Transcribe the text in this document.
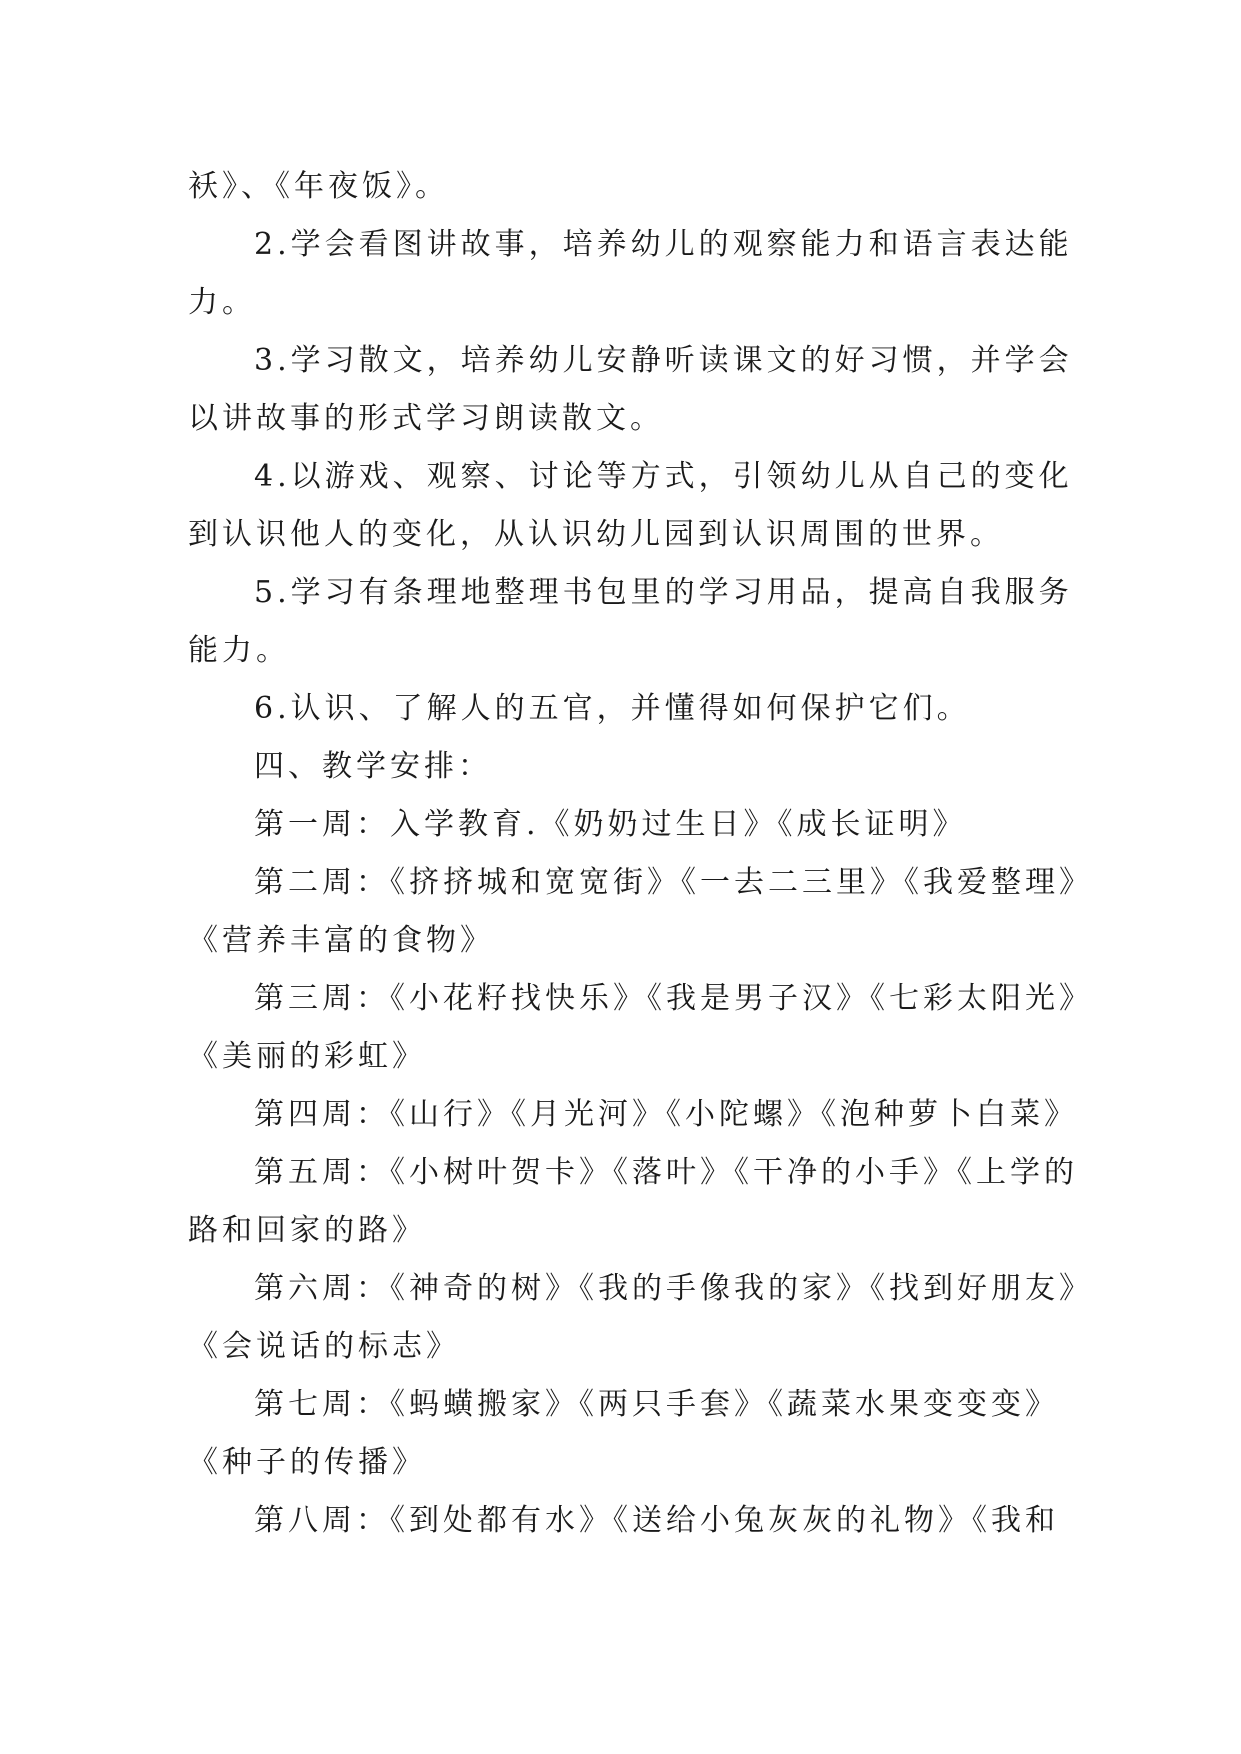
袄》、《年夜饭》。
2.学会看图讲故事，培养幼儿的观察能力和语言表达能
力。
3.学习散文，培养幼儿安静听读课文的好习惯，并学会
以讲故事的形式学习朗读散文。
4.以游戏、观察、讨论等方式，引领幼儿从自己的变化
到认识他人的变化，从认识幼儿园到认识周围的世界。
5.学习有条理地整理书包里的学习用品，提高自我服务
能力。
6.认识、了解人的五官，并懂得如何保护它们。
四、教学安排：
第一周：入学教育.《奶奶过生日》《成长证明》
第二周：《挤挤城和宽宽街》《一去二三里》《我爱整理》
《营养丰富的食物》
第三周：《小花籽找快乐》《我是男子汉》《七彩太阳光》
《美丽的彩虹》
第四周：《山行》《月光河》《小陀螺》《泡种萝卜白菜》
第五周：《小树叶贺卡》《落叶》《干净的小手》《上学的
路和回家的路》
第六周：《神奇的树》《我的手像我的家》《找到好朋友》
《会说话的标志》
第七周：《蚂蟥搬家》《两只手套》《蔬菜水果变变变》
《种子的传播》
第八周：《到处都有水》《送给小兔灰灰的礼物》《我和
